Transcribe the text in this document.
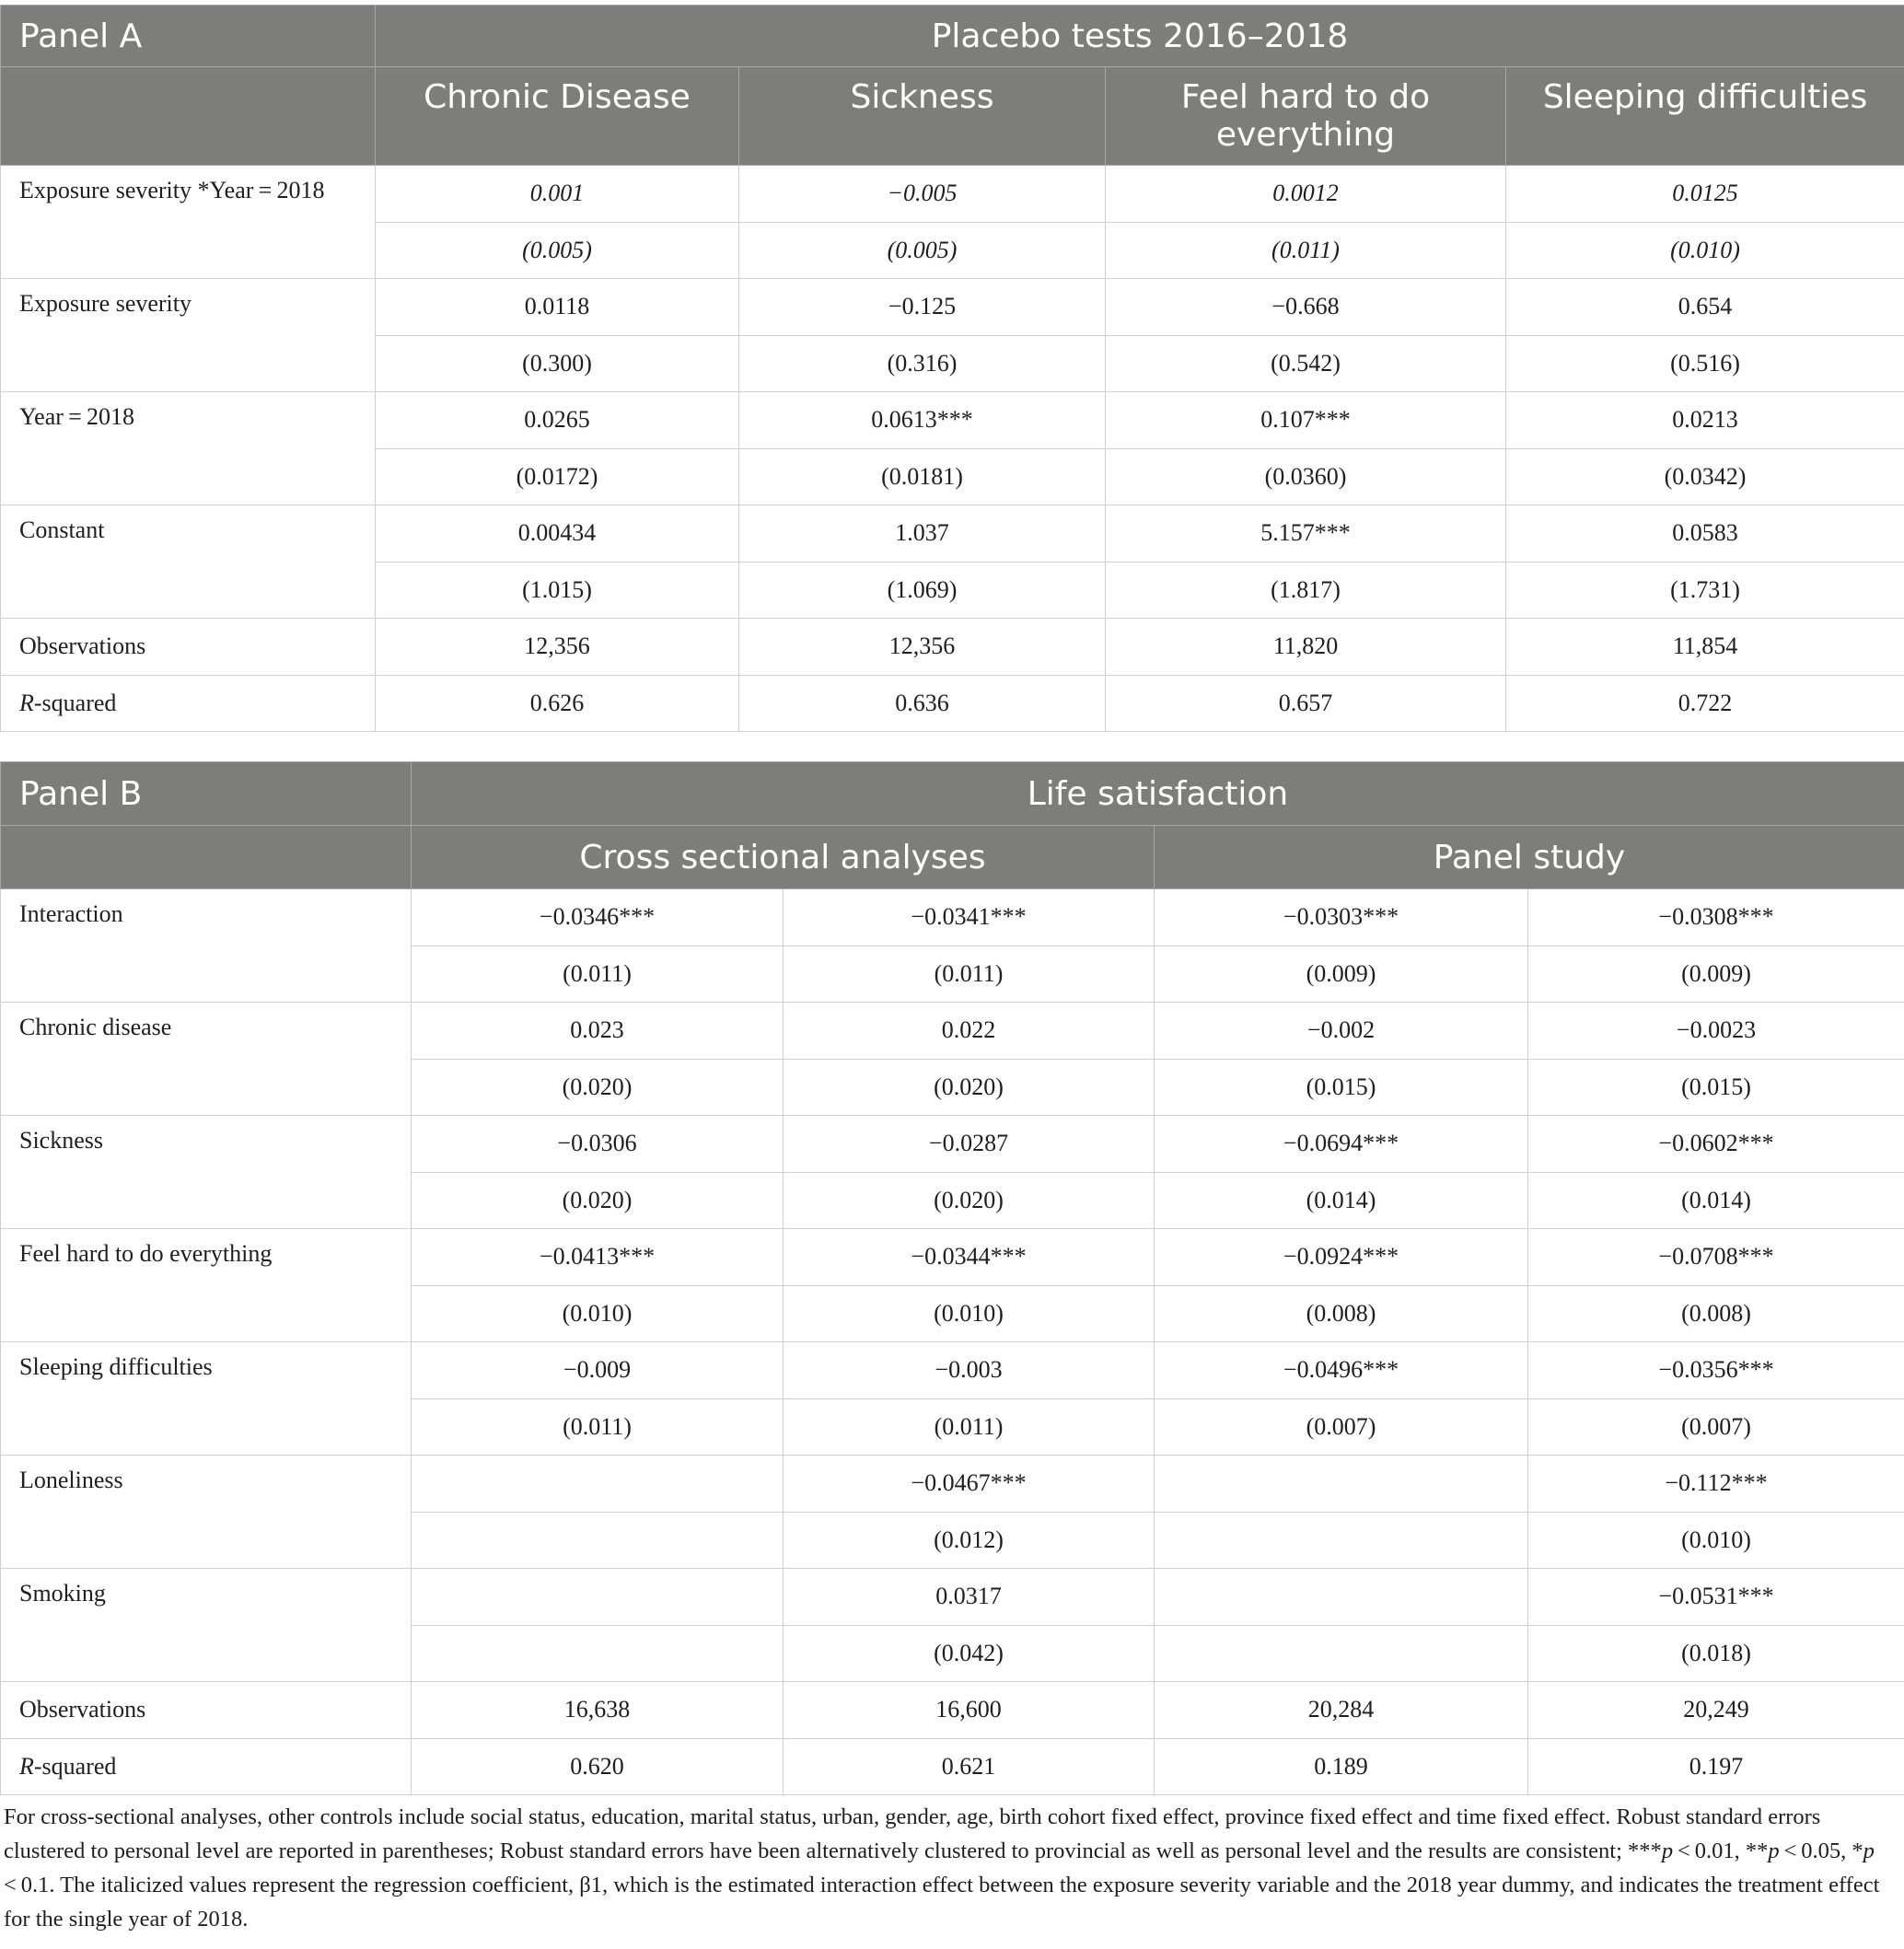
Panel A	Placebo tests 2016–2018			
	Chronic Disease	Sickness	Feel hard to do everything	Sleeping difficulties
Exposure severity *Year = 2018	0.001	−0.005	0.0012	0.0125
	(0.005)	(0.005)	(0.011)	(0.010)
Exposure severity	0.0118	−0.125	−0.668	0.654
	(0.300)	(0.316)	(0.542)	(0.516)
Year = 2018	0.0265	0.0613***	0.107***	0.0213
	(0.0172)	(0.0181)	(0.0360)	(0.0342)
Constant	0.00434	1.037	5.157***	0.0583
	(1.015)	(1.069)	(1.817)	(1.731)
Observations	12,356	12,356	11,820	11,854
R-squared	0.626	0.636	0.657	0.722
Panel B	Life satisfaction			
	Cross sectional analyses		Panel study	
Interaction	−0.0346***	−0.0341***	−0.0303***	−0.0308***
	(0.011)	(0.011)	(0.009)	(0.009)
Chronic disease	0.023	0.022	−0.002	−0.0023
	(0.020)	(0.020)	(0.015)	(0.015)
Sickness	−0.0306	−0.0287	−0.0694***	−0.0602***
	(0.020)	(0.020)	(0.014)	(0.014)
Feel hard to do everything	−0.0413***	−0.0344***	−0.0924***	−0.0708***
	(0.010)	(0.010)	(0.008)	(0.008)
Sleeping difficulties	−0.009	−0.003	−0.0496***	−0.0356***
	(0.011)	(0.011)	(0.007)	(0.007)
Loneliness		−0.0467***		−0.112***
		(0.012)		(0.010)
Smoking		0.0317		−0.0531***
		(0.042)		(0.018)
Observations	16,638	16,600	20,284	20,249
R-squared	0.620	0.621	0.189	0.197
For cross-sectional analyses, other controls include social status, education, marital status, urban, gender, age, birth cohort fixed effect, province fixed effect and time fixed effect. Robust standard errors clustered to personal level are reported in parentheses; Robust standard errors have been alternatively clustered to provincial as well as personal level and the results are consistent; ***p < 0.01, **p < 0.05, *p < 0.1. The italicized values represent the regression coefficient, β1, which is the estimated interaction effect between the exposure severity variable and the 2018 year dummy, and indicates the treatment effect for the single year of 2018.
